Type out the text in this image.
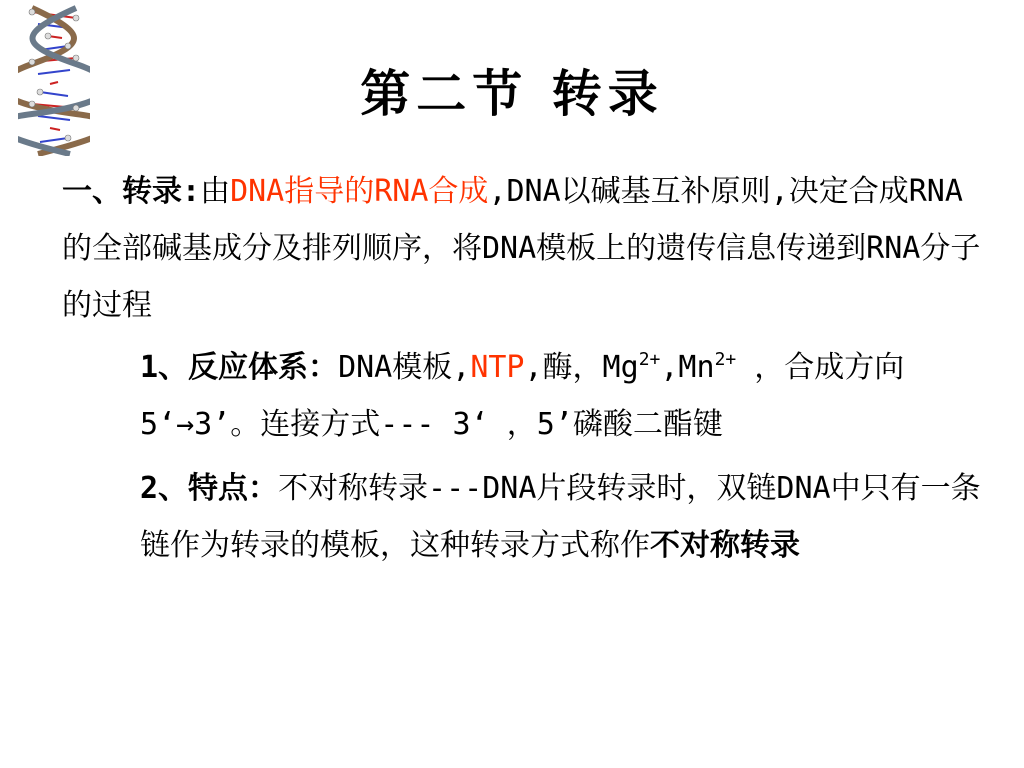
第二节 转录

一、转录:由DNA指导的RNA合成,DNA以碱基互补原则,决定合成RNA的全部碱基成分及排列顺序，将DNA模板上的遗传信息传递到RNA分子的过程

1、反应体系：DNA模板,NTP,酶，$Mg^{2+},Mn^{2+}$ ，合成方向5‘→3’。连接方式--- 3‘ ，5’磷酸二酯键

2、特点：不对称转录---DNA片段转录时，双链DNA中只有一条链作为转录的模板，这种转录方式称作不对称转录
